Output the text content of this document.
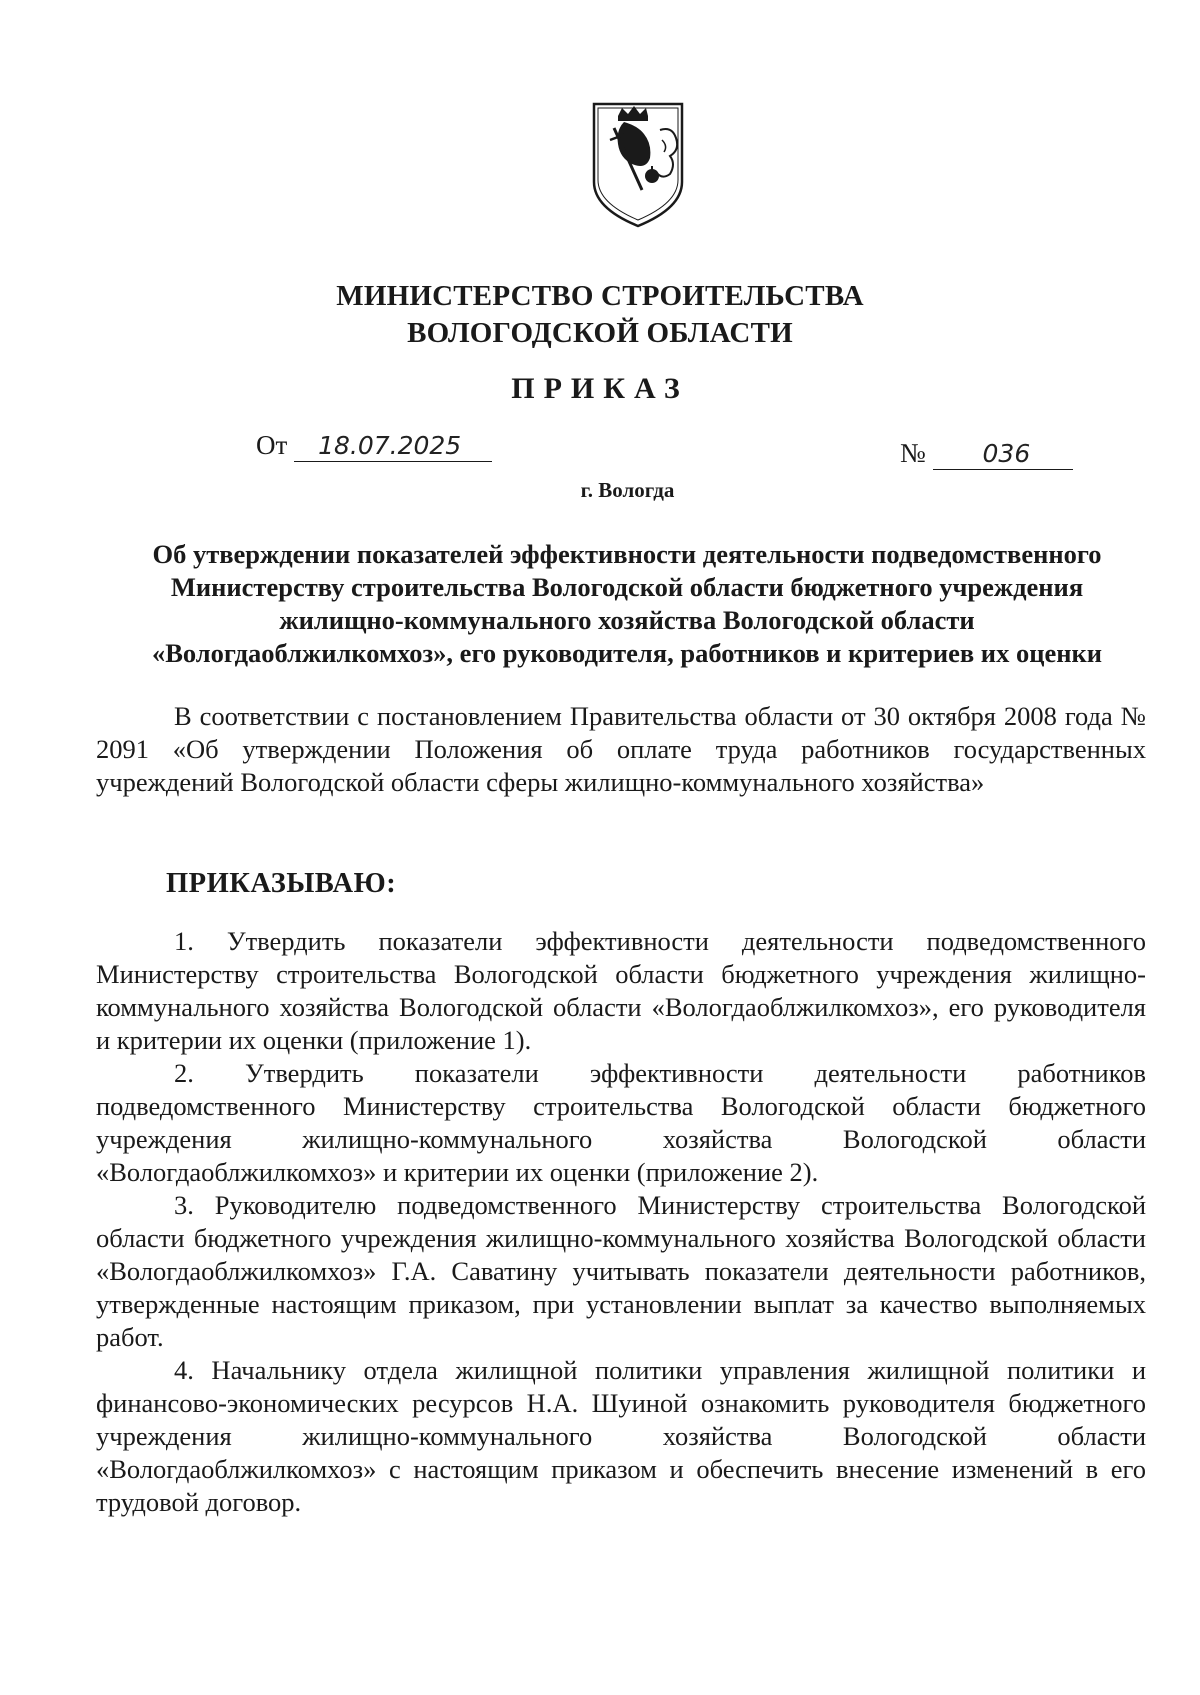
МИНИСТЕРСТВО СТРОИТЕЛЬСТВА
ВОЛОГОДСКОЙ ОБЛАСТИ
ПРИКАЗ
От 18.07.2025	№ 036
г. Вологда
Об утверждении показателей эффективности деятельности подведомственного
Министерству строительства Вологодской области бюджетного учреждения
жилищно-коммунального хозяйства Вологодской области
«Вологдаоблжилкомхоз», его руководителя, работников и критериев их оценки

В соответствии с постановлением Правительства области от 30 октября 2008 года № 2091 «Об утверждении Положения об оплате труда работников государственных учреждений Вологодской области сферы жилищно-коммунального хозяйства»

ПРИКАЗЫВАЮ:

1. Утвердить показатели эффективности деятельности подведомственного Министерству строительства Вологодской области бюджетного учреждения жилищно-коммунального хозяйства Вологодской области «Вологдаоблжилкомхоз», его руководителя и критерии их оценки (приложение 1).

2. Утвердить показатели эффективности деятельности работников подведомственного Министерству строительства Вологодской области бюджетного учреждения жилищно-коммунального хозяйства Вологодской области «Вологдаоблжилкомхоз» и критерии их оценки (приложение 2).

3. Руководителю подведомственного Министерству строительства Вологодской области бюджетного учреждения жилищно-коммунального хозяйства Вологодской области «Вологдаоблжилкомхоз» Г.А. Саватину учитывать показатели деятельности работников, утвержденные настоящим приказом, при установлении выплат за качество выполняемых работ.

4. Начальнику отдела жилищной политики управления жилищной политики и финансово-экономических ресурсов Н.А. Шуиной ознакомить руководителя бюджетного учреждения жилищно-коммунального хозяйства Вологодской области «Вологдаоблжилкомхоз» с настоящим приказом и обеспечить внесение изменений в его трудовой договор.
